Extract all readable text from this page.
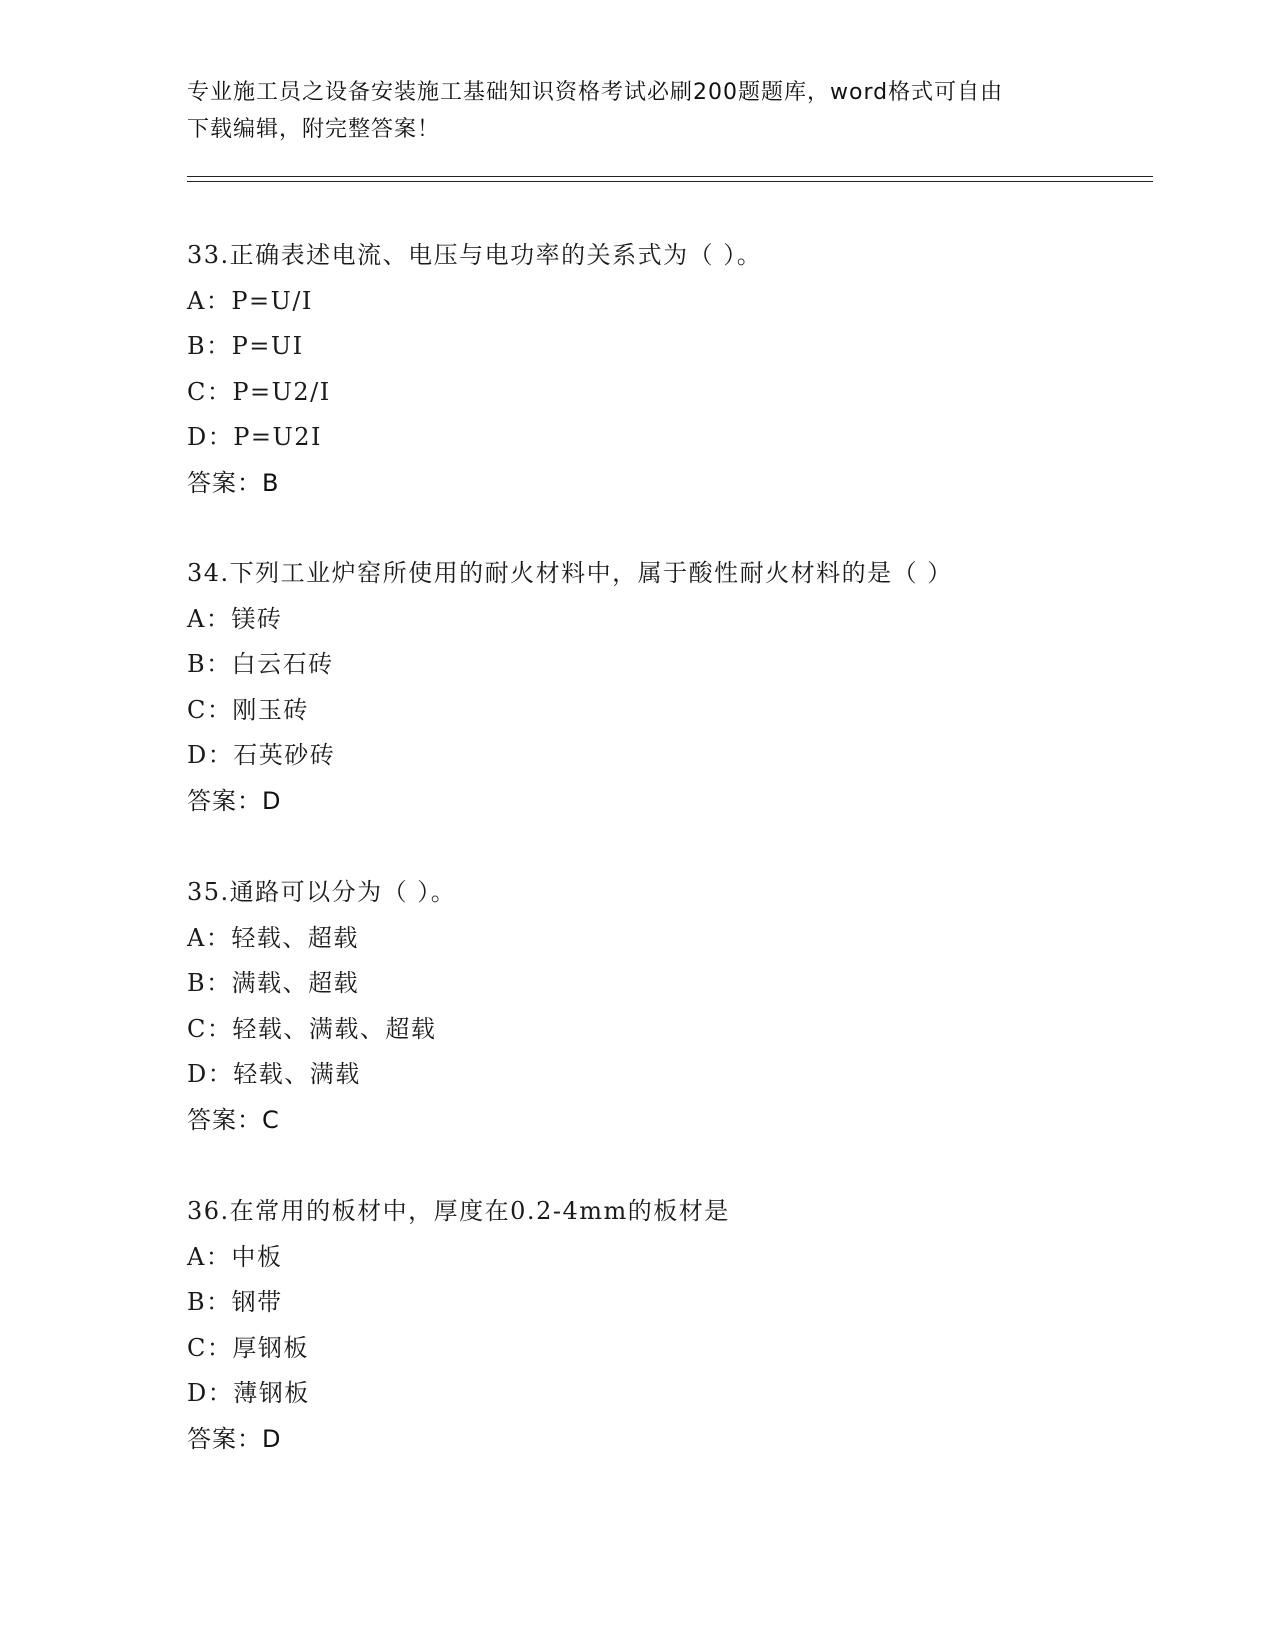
专业施工员之设备安装施工基础知识资格考试必刷200题题库，word格式可自由
下载编辑，附完整答案！
33.正确表述电流、电压与电功率的关系式为（ ）。
A：P=U/I
B：P=UI
C：P=U2/I
D：P=U2I
答案：B
34.下列工业炉窑所使用的耐火材料中，属于酸性耐火材料的是（ ）
A：镁砖
B：白云石砖
C：刚玉砖
D：石英砂砖
答案：D
35.通路可以分为（ ）。
A：轻载、超载
B：满载、超载
C：轻载、满载、超载
D：轻载、满载
答案：C
36.在常用的板材中，厚度在0.2-4mm的板材是
A：中板
B：钢带
C：厚钢板
D：薄钢板
答案：D
